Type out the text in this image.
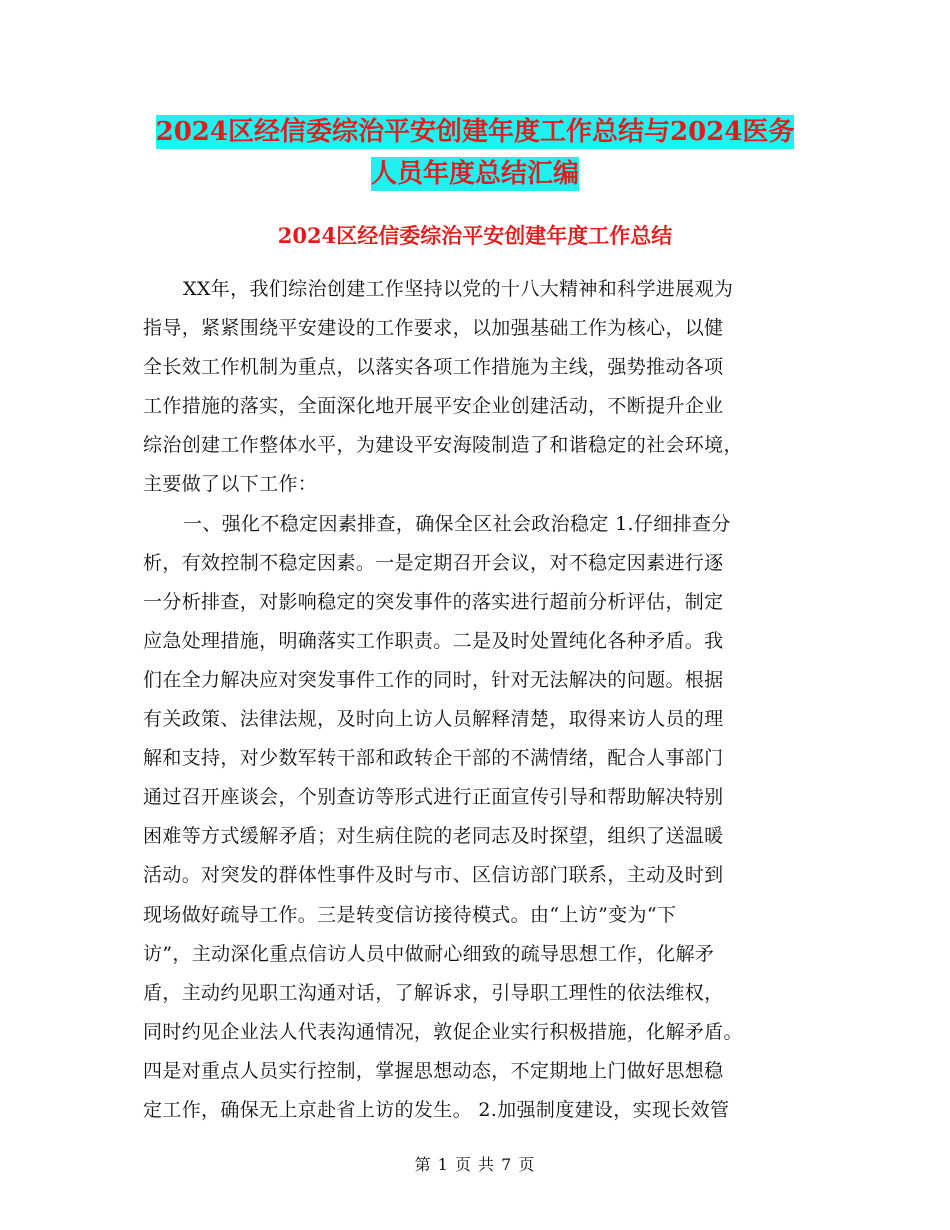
2024区经信委综治平安创建年度工作总结与2024医务
人员年度总结汇编
2024区经信委综治平安创建年度工作总结
XX年，我们综治创建工作坚持以党的十八大精神和科学进展观为
指导，紧紧围绕平安建设的工作要求，以加强基础工作为核心，以健
全长效工作机制为重点，以落实各项工作措施为主线，强势推动各项
工作措施的落实，全面深化地开展平安企业创建活动，不断提升企业
综治创建工作整体水平，为建设平安海陵制造了和谐稳定的社会环境，
主要做了以下工作：
一、强化不稳定因素排查，确保全区社会政治稳定 1.仔细排查分
析，有效控制不稳定因素。一是定期召开会议，对不稳定因素进行逐
一分析排查，对影响稳定的突发事件的落实进行超前分析评估，制定
应急处理措施，明确落实工作职责。二是及时处置纯化各种矛盾。我
们在全力解决应对突发事件工作的同时，针对无法解决的问题。根据
有关政策、法律法规，及时向上访人员解释清楚，取得来访人员的理
解和支持，对少数军转干部和政转企干部的不满情绪，配合人事部门
通过召开座谈会，个别查访等形式进行正面宣传引导和帮助解决特别
困难等方式缓解矛盾；对生病住院的老同志及时探望，组织了送温暖
活动。对突发的群体性事件及时与市、区信访部门联系，主动及时到
现场做好疏导工作。三是转变信访接待模式。由“上访”变为“下
访”，主动深化重点信访人员中做耐心细致的疏导思想工作，化解矛
盾，主动约见职工沟通对话，了解诉求，引导职工理性的依法维权，
同时约见企业法人代表沟通情况，敦促企业实行积极措施，化解矛盾。
四是对重点人员实行控制，掌握思想动态，不定期地上门做好思想稳
定工作，确保无上京赴省上访的发生。 2.加强制度建设，实现长效管
第 1 页 共 7 页
